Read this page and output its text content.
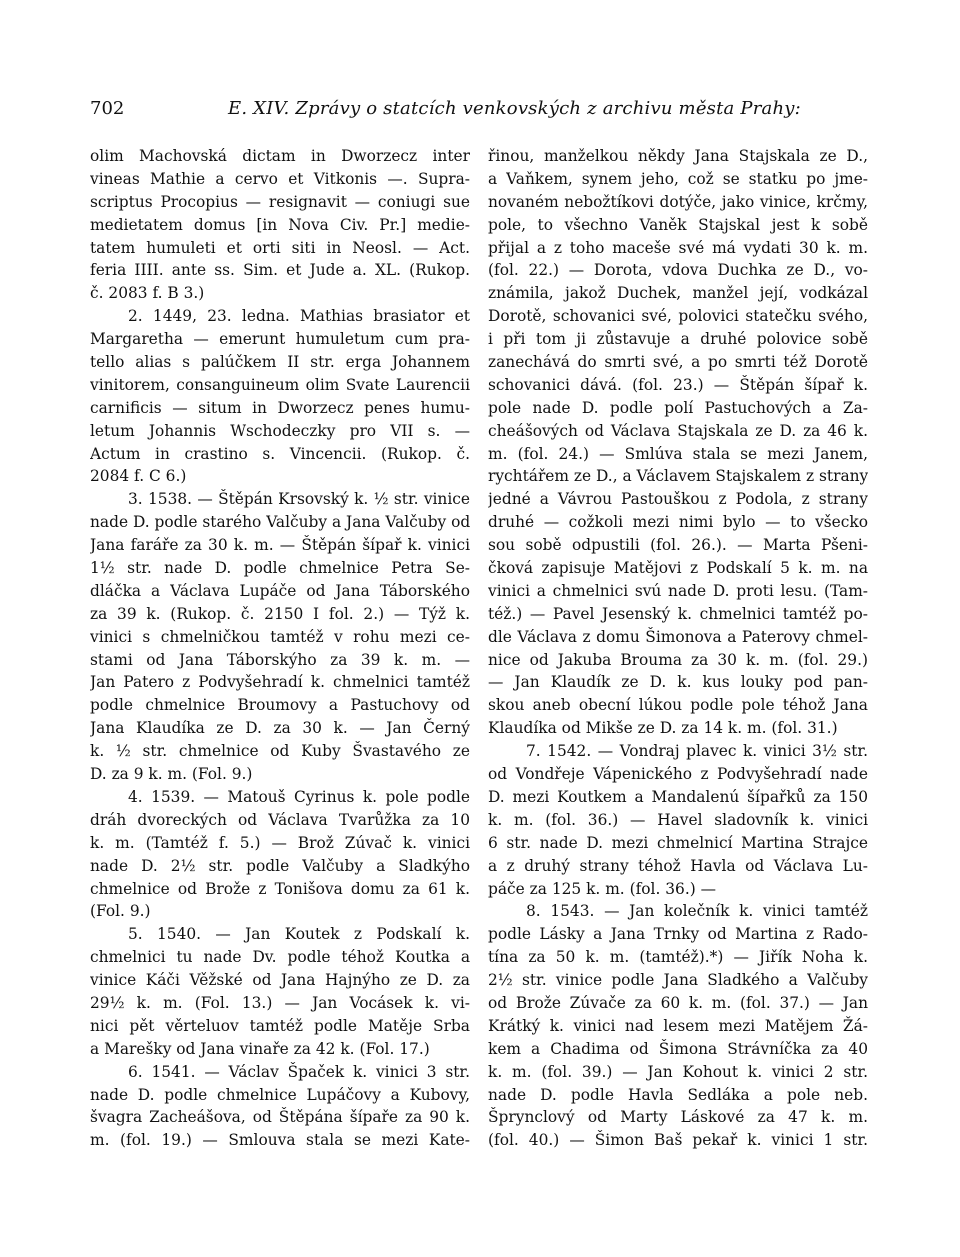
702	E. XIV. Zprávy o statcích venkovských z archivu města Prahy:
olim Machovská dictam in Dworzecz inter
vineas Mathie a cervo et Vitkonis —. Supra-
scriptus Procopius — resignavit — coniugi sue
medietatem domus [in Nova Civ. Pr.] medie-
tatem humuleti et orti siti in Neosl. — Act.
feria IIII. ante ss. Sim. et Jude a. XL. (Rukop.
č. 2083 f. B 3.)
2. 1449, 23. ledna. Mathias brasiator et
Margaretha — emerunt humuletum cum pra-
tello alias s palúčkem II str. erga Johannem
vinitorem, consanguineum olim Svate Laurencii
carnificis — situm in Dworzecz penes humu-
letum Johannis Wschodeczky pro VII s. —
Actum in crastino s. Vincencii. (Rukop. č.
2084 f. C 6.)
3. 1538. — Štěpán Krsovský k. ½ str. vinice
nade D. podle starého Valčuby a Jana Valčuby od
Jana faráře za 30 k. m. — Štěpán šípař k. vinici
1½ str. nade D. podle chmelnice Petra Se-
dláčka a Václava Lupáče od Jana Táborského
za 39 k. (Rukop. č. 2150 I fol. 2.) — Týž k.
vinici s chmelničkou tamtéž v rohu mezi ce-
stami od Jana Táborskýho za 39 k. m. —
Jan Patero z Podvyšehradí k. chmelnici tamtéž
podle chmelnice Broumovy a Pastuchovy od
Jana Klaudíka ze D. za 30 k. — Jan Černý
k. ½ str. chmelnice od Kuby Švastavého ze
D. za 9 k. m. (Fol. 9.)
4. 1539. — Matouš Cyrinus k. pole podle
dráh dvoreckých od Václava Tvarůžka za 10
k. m. (Tamtéž f. 5.) — Brož Zúvač k. vinici
nade D. 2½ str. podle Valčuby a Sladkýho
chmelnice od Brože z Tonišova domu za 61 k.
(Fol. 9.)
5. 1540. — Jan Koutek z Podskalí k.
chmelnici tu nade Dv. podle téhož Koutka a
vinice Káči Věžské od Jana Hajnýho ze D. za
29½ k. m. (Fol. 13.) — Jan Vocásek k. vi-
nici pět věrteluov tamtéž podle Matěje Srba
a Marešky od Jana vinaře za 42 k. (Fol. 17.)
6. 1541. — Václav Špaček k. vinici 3 str.
nade D. podle chmelnice Lupáčovy a Kubovy,
švagra Zacheášova, od Štěpána šípaře za 90 k.
m. (fol. 19.) — Smlouva stala se mezi Kate-
řinou, manželkou někdy Jana Stajskala ze D.,
a Vaňkem, synem jeho, což se statku po jme-
novaném nebožtíkovi dotýče, jako vinice, krčmy,
pole, to všechno Vaněk Stajskal jest k sobě
přijal a z toho maceše své má vydati 30 k. m.
(fol. 22.) — Dorota, vdova Duchka ze D., vo-
známila, jakož Duchek, manžel její, vodkázal
Dorotě, schovanici své, polovici statečku svého,
i při tom ji zůstavuje a druhé polovice sobě
zanechává do smrti své, a po smrti též Dorotě
schovanici dává. (fol. 23.) — Štěpán šípař k.
pole nade D. podle polí Pastuchových a Za-
cheášových od Václava Stajskala ze D. za 46 k.
m. (fol. 24.) — Smlúva stala se mezi Janem,
rychtářem ze D., a Václavem Stajskalem z strany
jedné a Vávrou Pastouškou z Podola, z strany
druhé — cožkoli mezi nimi bylo — to všecko
sou sobě odpustili (fol. 26.). — Marta Pšeni-
čková zapisuje Matějovi z Podskalí 5 k. m. na
vinici a chmelnici svú nade D. proti lesu. (Tam-
též.) — Pavel Jesenský k. chmelnici tamtéž po-
dle Václava z domu Šimonova a Paterovy chmel-
nice od Jakuba Brouma za 30 k. m. (fol. 29.)
— Jan Klaudík ze D. k. kus louky pod pan-
skou aneb obecní lúkou podle pole téhož Jana
Klaudíka od Mikše ze D. za 14 k. m. (fol. 31.)
7. 1542. — Vondraj plavec k. vinici 3½ str.
od Vondřeje Vápenického z Podvyšehradí nade
D. mezi Koutkem a Mandalenú šípařků za 150
k. m. (fol. 36.) — Havel sladovník k. vinici
6 str. nade D. mezi chmelnicí Martina Strajce
a z druhý strany téhož Havla od Václava Lu-
páče za 125 k. m. (fol. 36.) —
8. 1543. — Jan kolečník k. vinici tamtéž
podle Lásky a Jana Trnky od Martina z Rado-
tína za 50 k. m. (tamtéž).*) — Jiřík Noha k.
2½ str. vinice podle Jana Sladkého a Valčuby
od Brože Zúvače za 60 k. m. (fol. 37.) — Jan
Krátký k. vinici nad lesem mezi Matějem Žá-
kem a Chadima od Šimona Strávníčka za 40
k. m. (fol. 39.) — Jan Kohout k. vinici 2 str.
nade D. podle Havla Sedláka a pole neb.
Šprynclový od Marty Láskové za 47 k. m.
(fol. 40.) — Šimon Baš pekař k. vinici 1 str.
